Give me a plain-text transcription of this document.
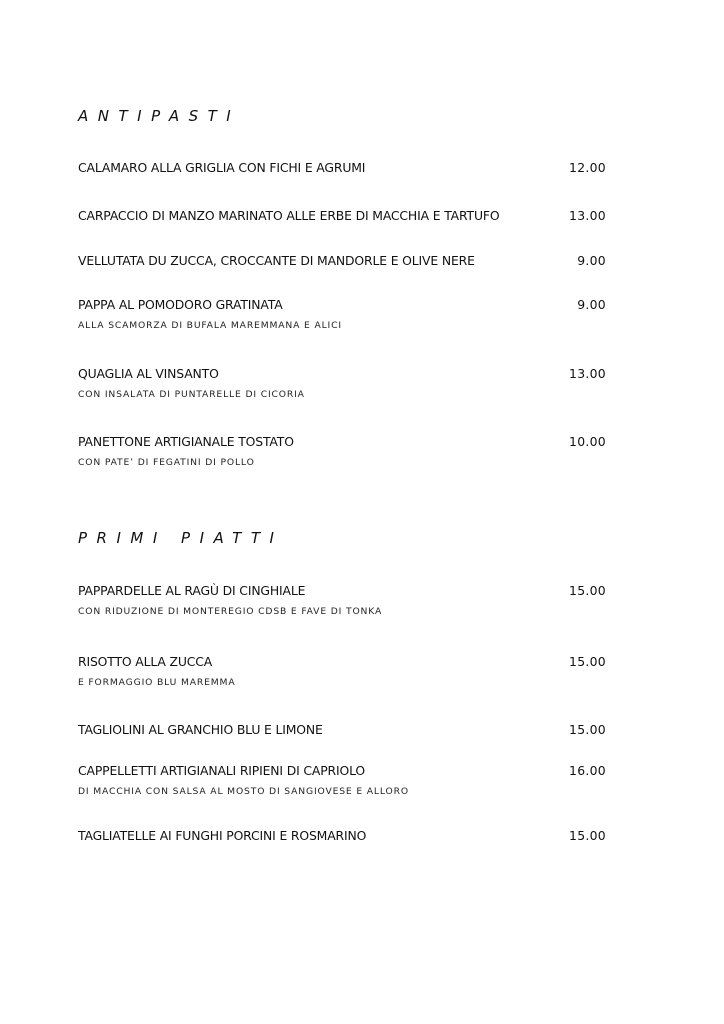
ANTIPASTI
CALAMARO ALLA GRIGLIA CON FICHI E AGRUMI	12.00
CARPACCIO DI MANZO MARINATO ALLE ERBE DI MACCHIA E TARTUFO	13.00
VELLUTATA DU ZUCCA, CROCCANTE DI MANDORLE E OLIVE NERE	9.00
PAPPA AL POMODORO GRATINATA	9.00
ALLA SCAMORZA DI BUFALA MAREMMANA E ALICI
QUAGLIA AL VINSANTO	13.00
CON INSALATA DI PUNTARELLE DI CICORIA
PANETTONE ARTIGIANALE TOSTATO	10.00
CON PATE’ DI FEGATINI DI POLLO
PRIMI PIATTI
PAPPARDELLE AL RAGÙ DI CINGHIALE	15.00
CON RIDUZIONE DI MONTEREGIO CDSB E FAVE DI TONKA
RISOTTO ALLA ZUCCA	15.00
E FORMAGGIO BLU MAREMMA
TAGLIOLINI AL GRANCHIO BLU E LIMONE	15.00
CAPPELLETTI ARTIGIANALI RIPIENI DI CAPRIOLO	16.00
DI MACCHIA CON SALSA AL MOSTO DI SANGIOVESE E ALLORO
TAGLIATELLE AI FUNGHI PORCINI E ROSMARINO	15.00
